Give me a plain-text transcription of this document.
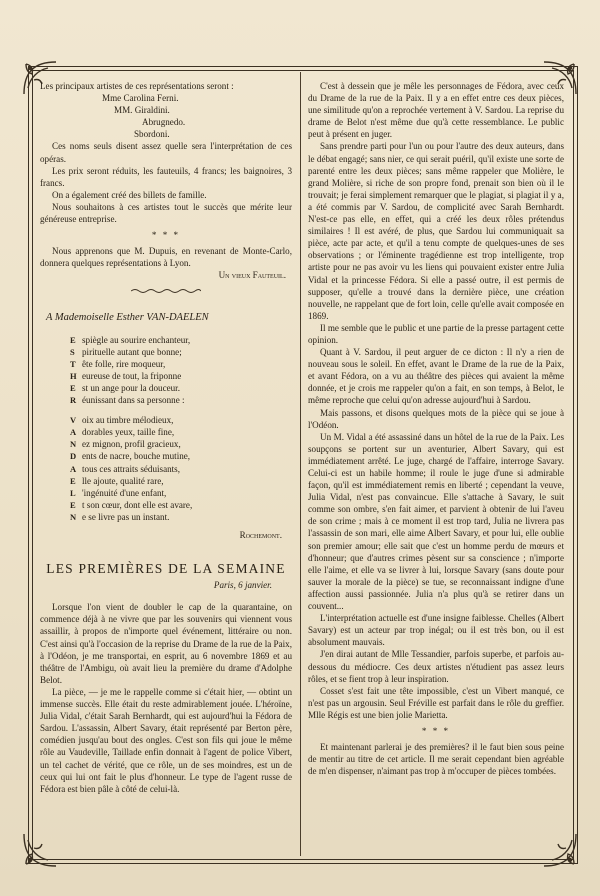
Les principaux artistes de ces représentations seront :

Mme Carolina Ferni.
MM. Giraldini.
Abrugnedo.
Sbordoni.

Ces noms seuls disent assez quelle sera l'interprétation de ces opéras.

Les prix seront réduits, les fauteuils, 4 francs; les baignoires, 3 francs.

On a également créé des billets de famille.

Nous souhaitons à ces artistes tout le succès que mérite leur généreuse entreprise.

* * *

Nous apprenons que M. Dupuis, en revenant de Monte-Carlo, donnera quelques représentations à Lyon.

Un vieux Fauteuil.
A Mademoiselle Esther VAN-DAELEN
E spiègle au sourire enchanteur,
S pirituelle autant que bonne;
T ête folle, rire moqueur,
H eureuse de tout, la friponne
E st un ange pour la douceur.
R éunissant dans sa personne :
V oix au timbre mélodieux,
A dorables yeux, taille fine,
N ez mignon, profil gracieux,
D ents de nacre, bouche mutine,
A tous ces attraits séduisants,
E lle ajoute, qualité rare,
L 'ingénuité d'une enfant,
E t son cœur, dont elle est avare,
N e se livre pas un instant.
Rochemont.
LES PREMIÈRES DE LA SEMAINE
Paris, 6 janvier.

Lorsque l'on vient de doubler le cap de la quarantaine, on commence déjà à ne vivre que par les souvenirs qui viennent vous assaillir, à propos de n'importe quel événement, littéraire ou non. C'est ainsi qu'à l'occasion de la reprise du Drame de la rue de la Paix, à l'Odéon, je me transportai, en esprit, au 6 novembre 1869 et au théâtre de l'Ambigu, où avait lieu la première du drame d'Adolphe Belot.

La pièce, — je me le rappelle comme si c'était hier, — obtint un immense succès. Elle était du reste admirablement jouée. L'héroïne, Julia Vidal, c'était Sarah Bernhardt, qui est aujourd'hui la Fédora de Sardou. L'assassin, Albert Savary, était représenté par Berton père, comédien jusqu'au bout des ongles. C'est son fils qui joue le même rôle au Vaudeville, Taillade enfin donnait à l'agent de police Vibert, un tel cachet de vérité, que ce rôle, un de ses moindres, est un de ceux qui lui ont fait le plus d'honneur. Le type de l'agent russe de Fédora est bien pâle à côté de celui-là.

C'est à dessein que je mêle les personnages de Fédora, avec ceux du Drame de la rue de la Paix. Il y a en effet entre ces deux pièces, une similitude qu'on a reprochée vertement à V. Sardou. La reprise du drame de Belot n'est même due qu'à cette ressemblance. Le public peut à présent en juger.

Sans prendre parti pour l'un ou pour l'autre des deux auteurs, dans le débat engagé; sans nier, ce qui serait puéril, qu'il existe une sorte de parenté entre les deux pièces; sans même rappeler que Molière, le grand Molière, si riche de son propre fond, prenait son bien où il le trouvait; je ferai simplement remarquer que le plagiat, si plagiat il y a, a été commis par V. Sardou, de complicité avec Sarah Bernhardt. N'est-ce pas elle, en effet, qui a créé les deux rôles prétendus similaires ! Il est avéré, de plus, que Sardou lui communiquait sa pièce, acte par acte, et qu'il a tenu compte de quelques-unes de ses observations ; or l'éminente tragédienne est trop intelligente, trop artiste pour ne pas avoir vu les liens qui pouvaient exister entre Julia Vidal et la princesse Fédora. Si elle a passé outre, il est permis de supposer, qu'elle a trouvé dans la dernière pièce, une création nouvelle, ne rappelant que de fort loin, celle qu'elle avait composée en 1869.

Il me semble que le public et une partie de la presse partagent cette opinion.

Quant à V. Sardou, il peut arguer de ce dicton : Il n'y a rien de nouveau sous le soleil. En effet, avant le Drame de la rue de la Paix, et avant Fédora, on a vu au théâtre des pièces qui avaient la même donnée, et je crois me rappeler qu'on a fait, en son temps, à Belot, le même reproche que celui qu'on adresse aujourd'hui à Sardou.

Mais passons, et disons quelques mots de la pièce qui se joue à l'Odéon.

Un M. Vidal a été assassiné dans un hôtel de la rue de la Paix. Les soupçons se portent sur un aventurier, Albert Savary, qui est immédiatement arrêté. Le juge, chargé de l'affaire, interroge Savary. Celui-ci est un habile homme; il roule le juge d'une si admirable façon, qu'il est immédiatement remis en liberté ; cependant la veuve, Julia Vidal, n'est pas convaincue. Elle s'attache à Savary, le suit comme son ombre, s'en fait aimer, et parvient à obtenir de lui l'aveu de son crime ; mais à ce moment il est trop tard, Julia ne livrera pas l'assassin de son mari, elle aime Albert Savary, et pour lui, elle oublie son premier amour; elle sait que c'est un homme perdu de mœurs et d'honneur; que d'autres crimes pèsent sur sa conscience ; n'importe elle l'aime, et elle va se livrer à lui, lorsque Savary (sans doute pour sauver la morale de la pièce) se tue, se reconnaissant indigne d'une affection aussi passionnée. Julia n'a plus qu'à se retirer dans un couvent...

L'interprétation actuelle est d'une insigne faiblesse. Chelles (Albert Savary) est un acteur par trop inégal; ou il est très bon, ou il est absolument mauvais.

J'en dirai autant de Mlle Tessandier, parfois superbe, et parfois au-dessous du médiocre. Ces deux artistes n'étudient pas assez leurs rôles, et se fient trop à leur inspiration.

Cosset s'est fait une tête impossible, c'est un Vibert manqué, ce n'est pas un argousin. Seul Fréville est parfait dans le rôle du greffier. Mlle Régis est une bien jolie Marietta.

* * *

Et maintenant parlerai je des premières? il le faut bien sous peine de mentir au titre de cet article. Il me serait cependant bien agréable de m'en dispenser, n'aimant pas trop à m'occuper de pièces tombées.
